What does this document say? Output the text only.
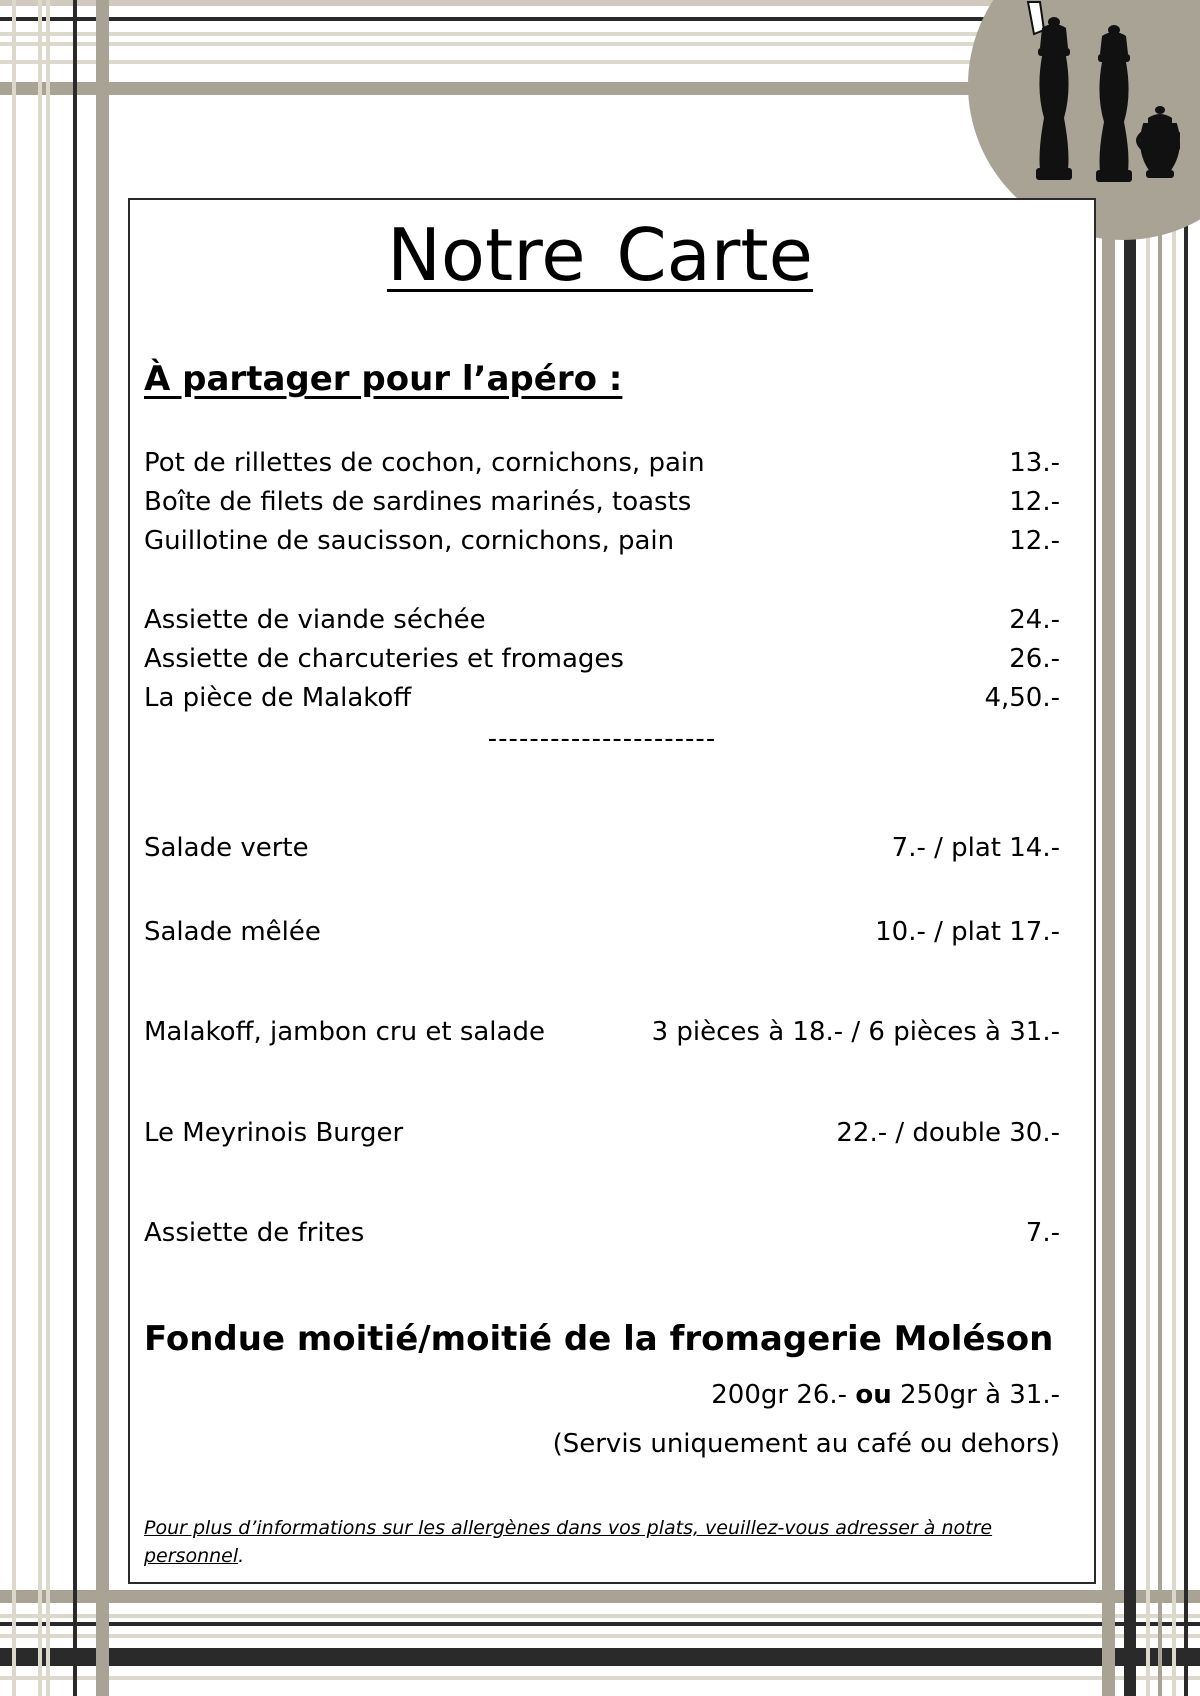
Notre Carte
À partager pour l’apéro :
Pot de rillettes de cochon, cornichons, pain	13.-
Boîte de filets de sardines marinés, toasts	12.-
Guillotine de saucisson, cornichons, pain	12.-
Assiette de viande séchée	24.-
Assiette de charcuteries et fromages	26.-
La pièce de Malakoff	4,50.-
----------------------
Salade verte	7.- / plat 14.-
Salade mêlée	10.- / plat 17.-
Malakoff, jambon cru et salade	3 pièces à 18.- / 6 pièces à 31.-
Le Meyrinois Burger	22.- / double 30.-
Assiette de frites	7.-
Fondue moitié/moitié de la fromagerie Moléson
200gr 26.- ou 250gr à 31.-
(Servis uniquement au café ou dehors)
Pour plus d’informations sur les allergènes dans vos plats, veuillez-vous adresser à notre personnel.
